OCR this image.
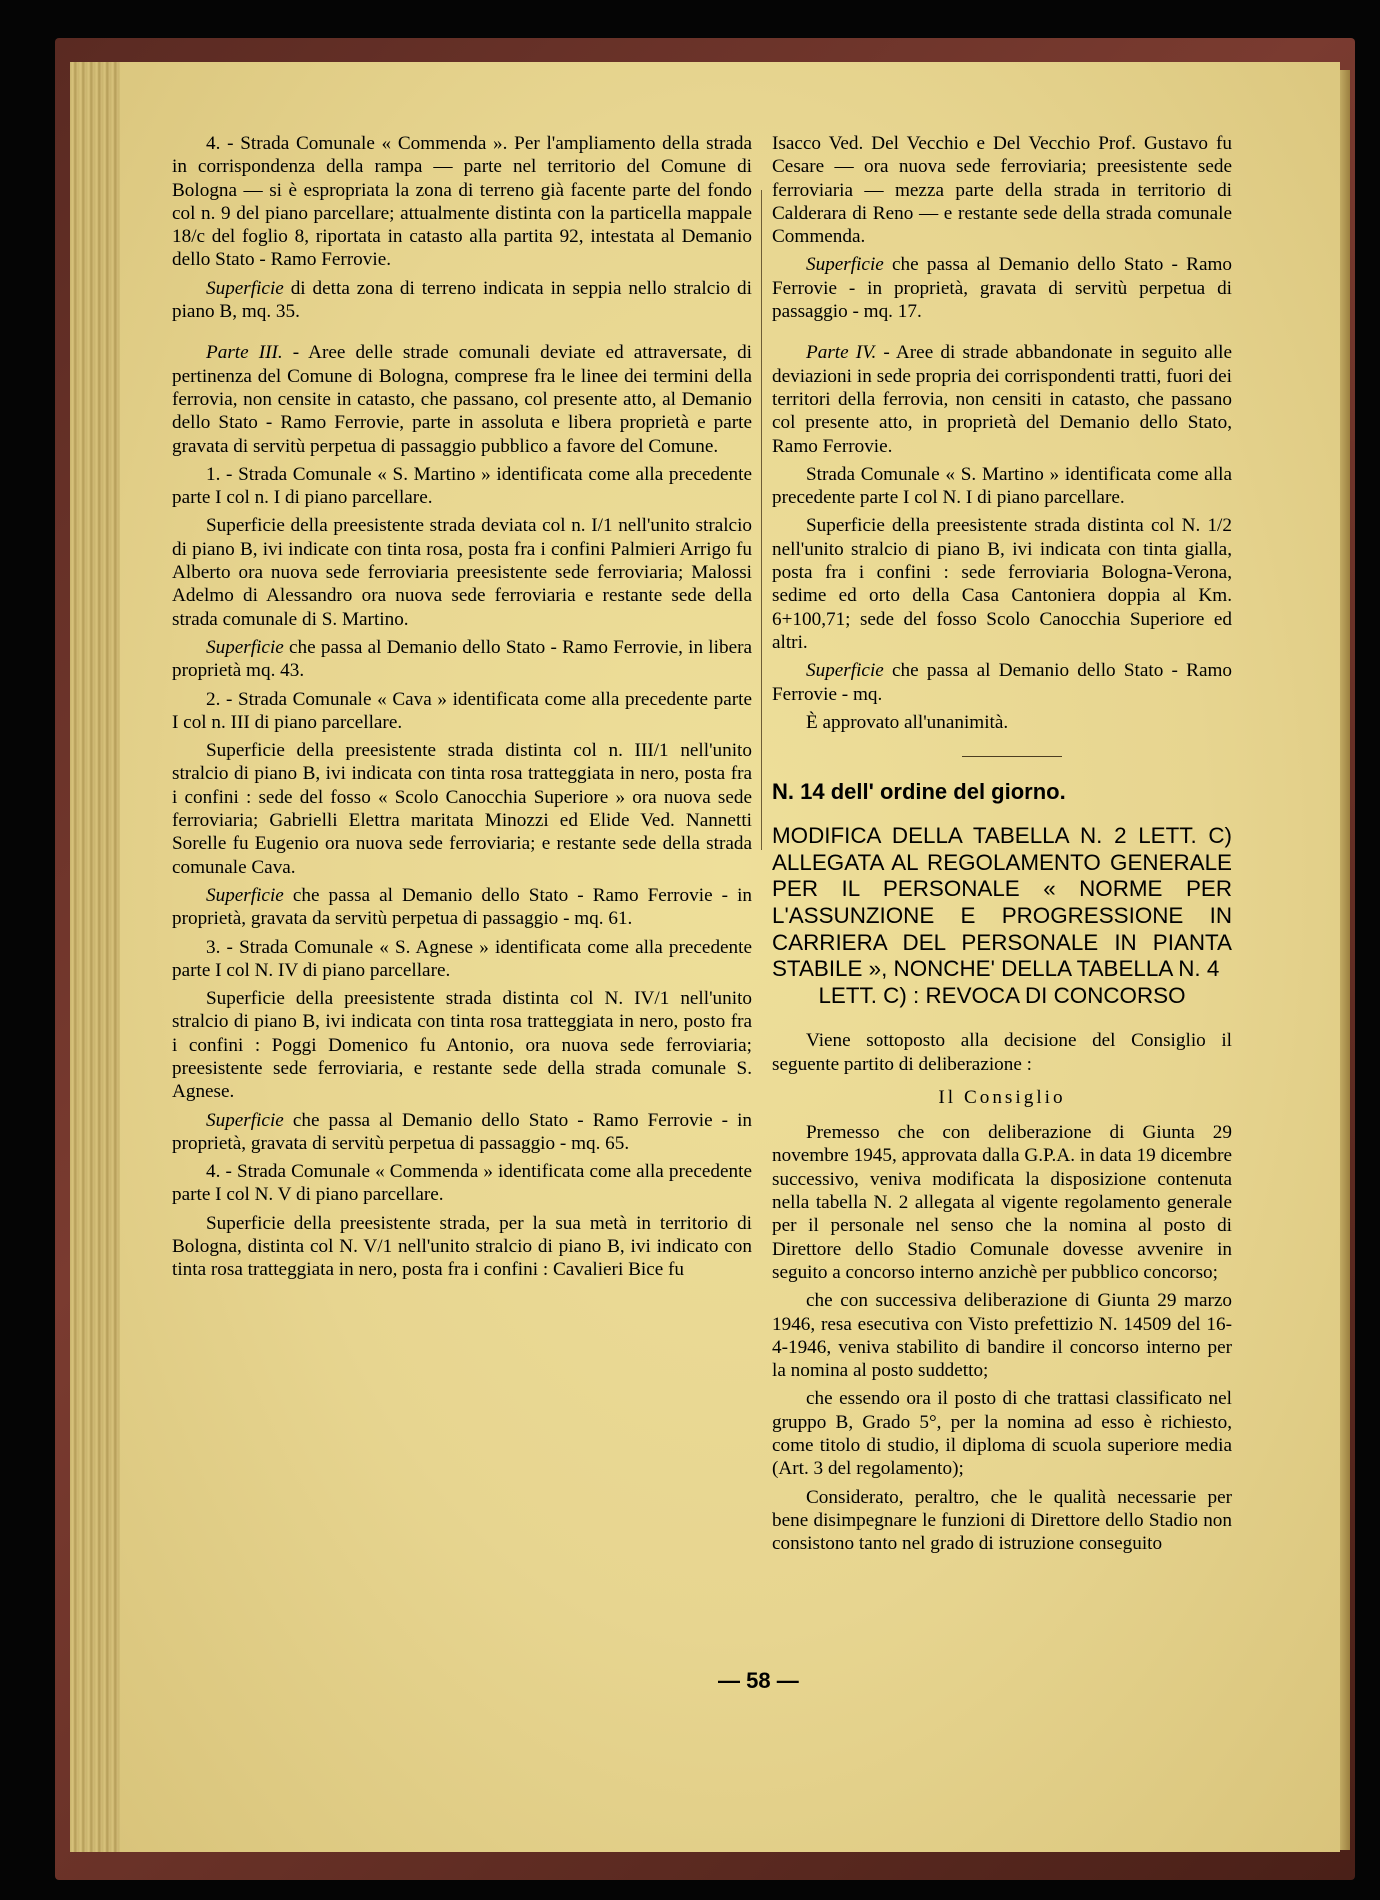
4. - Strada Comunale « Commenda ». Per l'ampliamento della strada in corrispondenza della rampa — parte nel territorio del Comune di Bologna — si è espropriata la zona di terreno già facente parte del fondo col n. 9 del piano parcellare; attualmente distinta con la particella mappale 18/c del foglio 8, riportata in catasto alla partita 92, intestata al Demanio dello Stato - Ramo Ferrovie.

Superficie di detta zona di terreno indicata in seppia nello stralcio di piano B, mq. 35.

Parte III. - Aree delle strade comunali deviate ed attraversate, di pertinenza del Comune di Bologna, comprese fra le linee dei termini della ferrovia, non censite in catasto, che passano, col presente atto, al Demanio dello Stato - Ramo Ferrovie, parte in assoluta e libera proprietà e parte gravata di servitù perpetua di passaggio pubblico a favore del Comune.

1. - Strada Comunale « S. Martino » identificata come alla precedente parte I col n. I di piano parcellare.

Superficie della preesistente strada deviata col n. I/1 nell'unito stralcio di piano B, ivi indicate con tinta rosa, posta fra i confini Palmieri Arrigo fu Alberto ora nuova sede ferroviaria preesistente sede ferroviaria; Malossi Adelmo di Alessandro ora nuova sede ferroviaria e restante sede della strada comunale di S. Martino.

Superficie che passa al Demanio dello Stato - Ramo Ferrovie, in libera proprietà mq. 43.

2. - Strada Comunale « Cava » identificata come alla precedente parte I col n. III di piano parcellare.

Superficie della preesistente strada distinta col n. III/1 nell'unito stralcio di piano B, ivi indicata con tinta rosa tratteggiata in nero, posta fra i confini : sede del fosso « Scolo Canocchia Superiore » ora nuova sede ferroviaria; Gabrielli Elettra maritata Minozzi ed Elide Ved. Nannetti Sorelle fu Eugenio ora nuova sede ferroviaria; e restante sede della strada comunale Cava.

Superficie che passa al Demanio dello Stato - Ramo Ferrovie - in proprietà, gravata da servitù perpetua di passaggio - mq. 61.

3. - Strada Comunale « S. Agnese » identificata come alla precedente parte I col N. IV di piano parcellare.

Superficie della preesistente strada distinta col N. IV/1 nell'unito stralcio di piano B, ivi indicata con tinta rosa tratteggiata in nero, posto fra i confini : Poggi Domenico fu Antonio, ora nuova sede ferroviaria; preesistente sede ferroviaria, e restante sede della strada comunale S. Agnese.

Superficie che passa al Demanio dello Stato - Ramo Ferrovie - in proprietà, gravata di servitù perpetua di passaggio - mq. 65.

4. - Strada Comunale « Commenda » identificata come alla precedente parte I col N. V di piano parcellare.

Superficie della preesistente strada, per la sua metà in territorio di Bologna, distinta col N. V/1 nell'unito stralcio di piano B, ivi indicato con tinta rosa tratteggiata in nero, posta fra i confini : Cavalieri Bice fu

Isacco Ved. Del Vecchio e Del Vecchio Prof. Gustavo fu Cesare — ora nuova sede ferroviaria; preesistente sede ferroviaria — mezza parte della strada in territorio di Calderara di Reno — e restante sede della strada comunale Commenda.

Superficie che passa al Demanio dello Stato - Ramo Ferrovie - in proprietà, gravata di servitù perpetua di passaggio - mq. 17.

Parte IV. - Aree di strade abbandonate in seguito alle deviazioni in sede propria dei corrispondenti tratti, fuori dei territori della ferrovia, non censiti in catasto, che passano col presente atto, in proprietà del Demanio dello Stato, Ramo Ferrovie.

Strada Comunale « S. Martino » identificata come alla precedente parte I col N. I di piano parcellare.

Superficie della preesistente strada distinta col N. 1/2 nell'unito stralcio di piano B, ivi indicata con tinta gialla, posta fra i confini : sede ferroviaria Bologna-Verona, sedime ed orto della Casa Cantoniera doppia al Km. 6+100,71; sede del fosso Scolo Canocchia Superiore ed altri.

Superficie che passa al Demanio dello Stato - Ramo Ferrovie - mq.

È approvato all'unanimità.

N. 14 dell' ordine del giorno.
MODIFICA DELLA TABELLA N. 2 LETT. C) ALLEGATA AL REGOLAMENTO GENERALE PER IL PERSONALE « NORME PER L'ASSUNZIONE E PROGRESSIONE IN CARRIERA DEL PERSONALE IN PIANTA STABILE », NONCHE' DELLA TABELLA N. 4
LETT. C) : REVOCA DI CONCORSO

Viene sottoposto alla decisione del Consiglio il seguente partito di deliberazione :

Il Consiglio

Premesso che con deliberazione di Giunta 29 novembre 1945, approvata dalla G.P.A. in data 19 dicembre successivo, veniva modificata la disposizione contenuta nella tabella N. 2 allegata al vigente regolamento generale per il personale nel senso che la nomina al posto di Direttore dello Stadio Comunale dovesse avvenire in seguito a concorso interno anzichè per pubblico concorso;

che con successiva deliberazione di Giunta 29 marzo 1946, resa esecutiva con Visto prefettizio N. 14509 del 16-4-1946, veniva stabilito di bandire il concorso interno per la nomina al posto suddetto;

che essendo ora il posto di che trattasi classificato nel gruppo B, Grado 5°, per la nomina ad esso è richiesto, come titolo di studio, il diploma di scuola superiore media (Art. 3 del regolamento);

Considerato, peraltro, che le qualità necessarie per bene disimpegnare le funzioni di Direttore dello Stadio non consistono tanto nel grado di istruzione conseguito

— 58 —
